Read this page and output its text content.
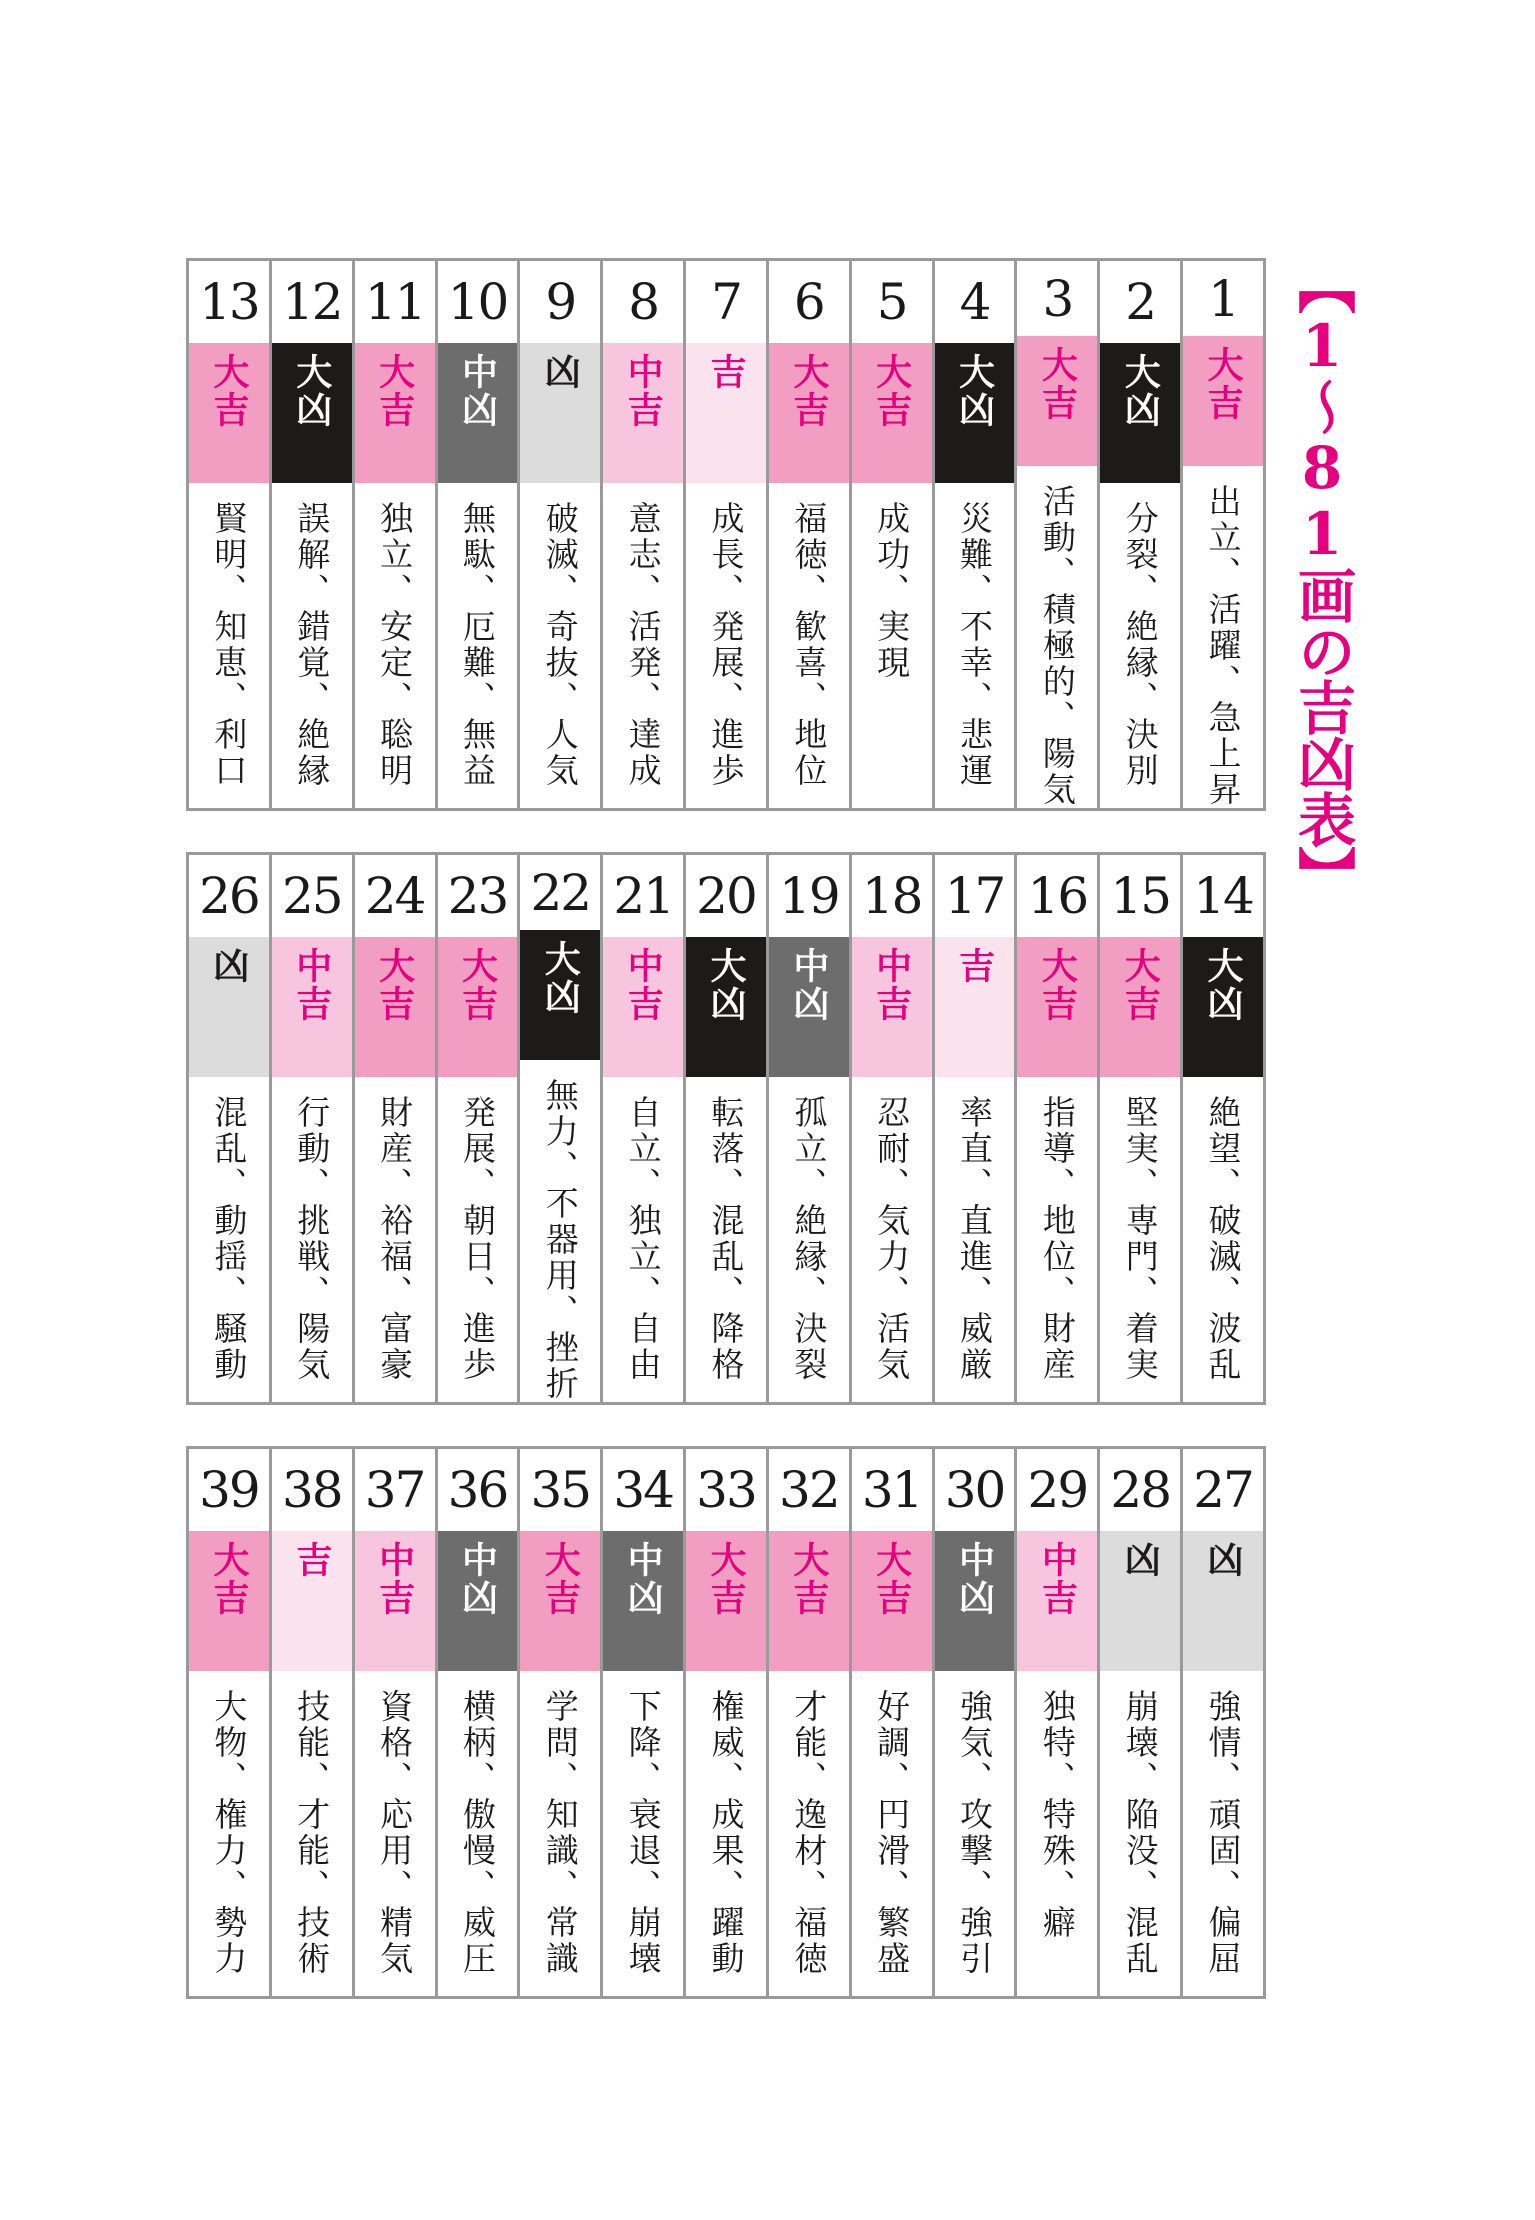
【1〜81画の吉凶表】
13
大吉
賢明、知恵、利口
12
大凶
誤解、錯覚、絶縁
11
大吉
独立、安定、聡明
10
中凶
無駄、厄難、無益
9
凶
破滅、奇抜、人気
8
中吉
意志、活発、達成
7
吉
成長、発展、進歩
6
大吉
福徳、歓喜、地位
5
大吉
成功、実現
4
大凶
災難、不幸、悲運
3
大吉
活動、積極的、陽気
2
大凶
分裂、絶縁、決別
1
大吉
出立、活躍、急上昇
26
凶
混乱、動揺、騒動
25
中吉
行動、挑戦、陽気
24
大吉
財産、裕福、富豪
23
大吉
発展、朝日、進歩
22
大凶
無力、不器用、挫折
21
中吉
自立、独立、自由
20
大凶
転落、混乱、降格
19
中凶
孤立、絶縁、決裂
18
中吉
忍耐、気力、活気
17
吉
率直、直進、威厳
16
大吉
指導、地位、財産
15
大吉
堅実、専門、着実
14
大凶
絶望、破滅、波乱
39
大吉
大物、権力、勢力
38
吉
技能、才能、技術
37
中吉
資格、応用、精気
36
中凶
横柄、傲慢、威圧
35
大吉
学問、知識、常識
34
中凶
下降、衰退、崩壊
33
大吉
権威、成果、躍動
32
大吉
才能、逸材、福徳
31
大吉
好調、円滑、繁盛
30
中凶
強気、攻撃、強引
29
中吉
独特、特殊、癖
28
凶
崩壊、陥没、混乱
27
凶
強情、頑固、偏屈
